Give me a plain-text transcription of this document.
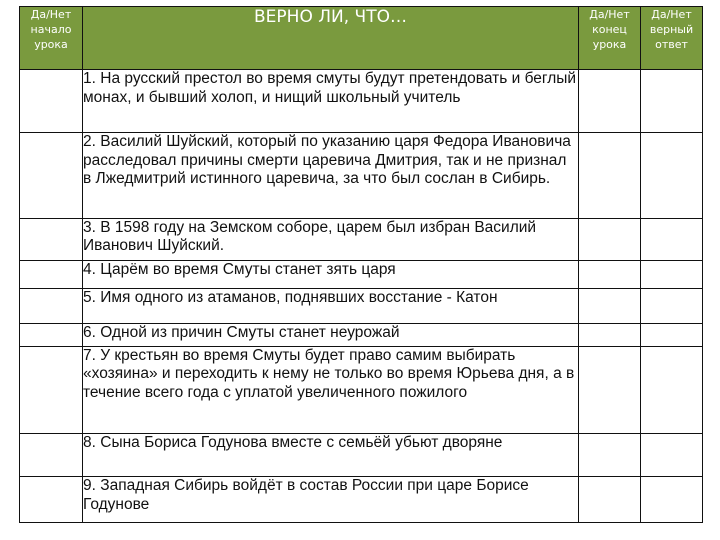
Да/Нет
начало
урока	ВЕРНО ЛИ, ЧТО…	Да/Нет
конец
урока	Да/Нет
верный
ответ

	1. На русский престол во время смуты будут претендовать и беглый монах, и бывший холоп, и нищий школьный учитель		
	2. Василий Шуйский, который по указанию царя Федора Ивановича расследовал причины смерти царевича Дмитрия, так и не признал в Лжедмитрий истинного царевича, за что был сослан в Сибирь.		
	3. В 1598 году на Земском соборе, царем был избран Василий Иванович Шуйский.		
	4. Царём во время Смуты станет зять царя		
	5. Имя одного из атаманов, поднявших восстание - Катон		
	6. Одной из причин Смуты станет неурожай		
	7. У крестьян во время Смуты будет право самим выбирать «хозяина» и переходить к нему не только во время Юрьева дня, а в течение всего года с уплатой увеличенного пожилого		
	8. Сына Бориса Годунова вместе с семьёй убьют дворяне		
	9. Западная Сибирь войдёт в состав России при царе Борисе Годунове		
